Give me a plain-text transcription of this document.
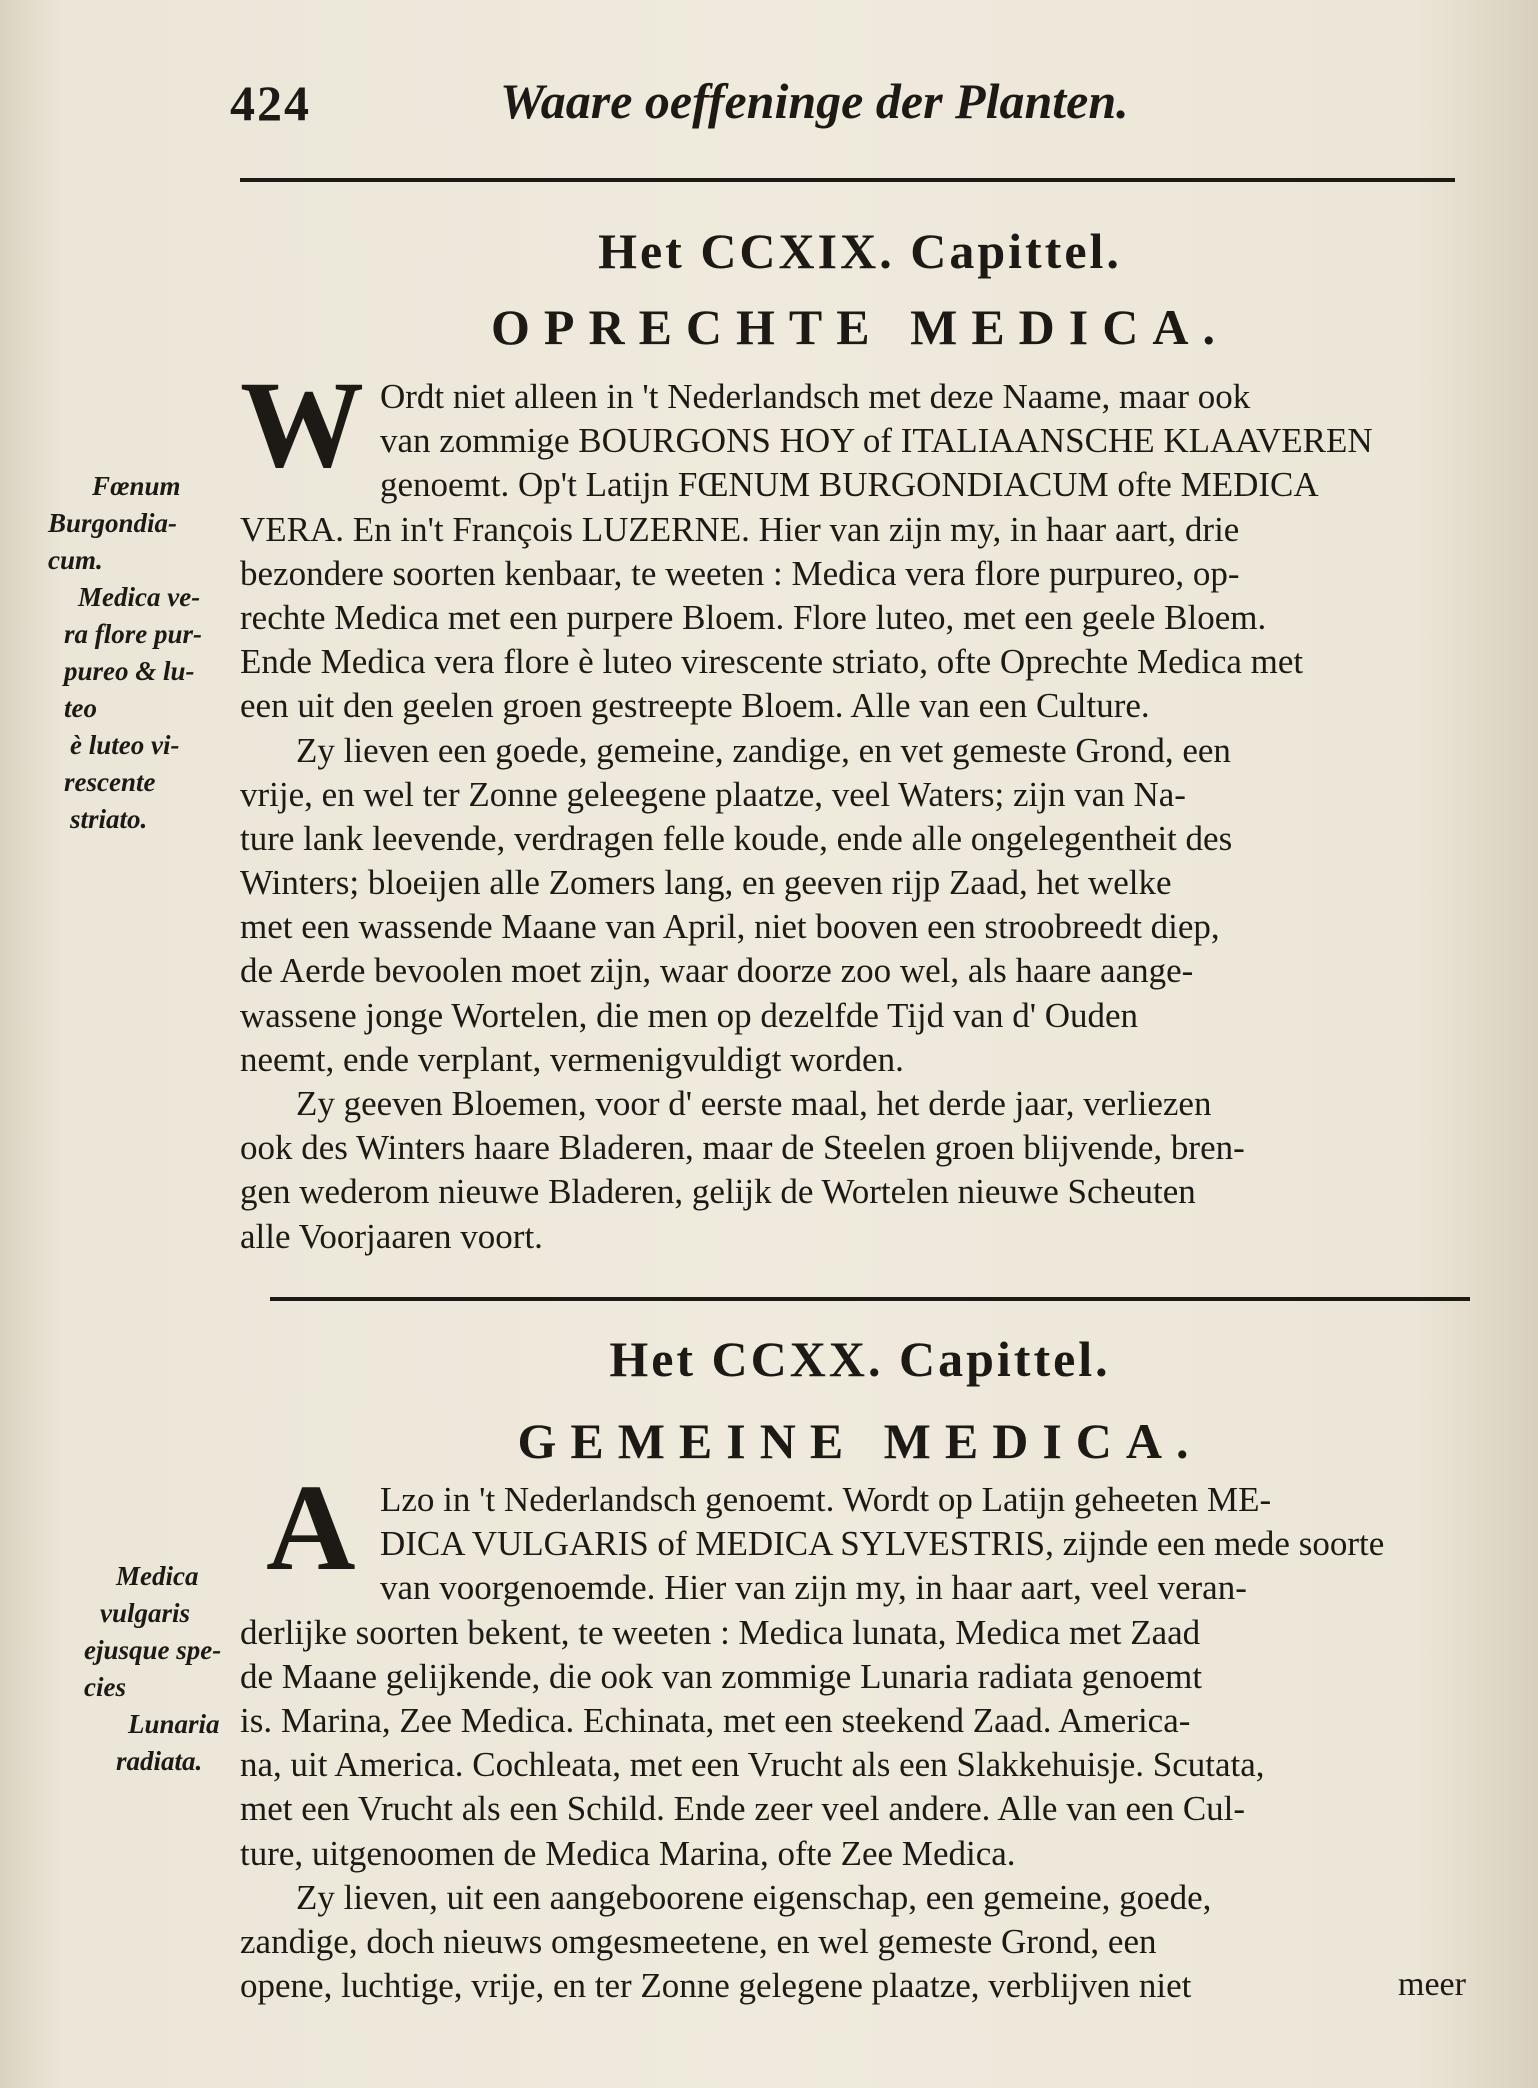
424	Waare oeffeninge der Planten.
Het CCXIX. Capittel.
OPRECHTE MEDICA.
W Ordt niet alleen in 't Nederlandsch met deze Naame, maar ook
van zommige BOURGONS HOY of ITALIAANSCHE KLAAVEREN
genoemt. Op't Latijn FŒNUM BURGONDIACUM ofte MEDICA
VERA. En in't François LUZERNE. Hier van zijn my, in haar aart, drie
bezondere soorten kenbaar, te weeten : Medica vera flore purpureo, op-
rechte Medica met een purpere Bloem. Flore luteo, met een geele Bloem.
Ende Medica vera flore è luteo virescente striato, ofte Oprechte Medica met
een uit den geelen groen gestreepte Bloem. Alle van een Culture.
Zy lieven een goede, gemeine, zandige, en vet gemeste Grond, een
vrije, en wel ter Zonne geleegene plaatze, veel Waters; zijn van Na-
ture lank leevende, verdragen felle koude, ende alle ongelegentheit des
Winters; bloeijen alle Zomers lang, en geeven rijp Zaad, het welke
met een wassende Maane van April, niet booven een stroobreedt diep,
de Aerde bevoolen moet zijn, waar doorze zoo wel, als haare aange-
wassene jonge Wortelen, die men op dezelfde Tijd van d' Ouden
neemt, ende verplant, vermenigvuldigt worden.
Zy geeven Bloemen, voor d' eerste maal, het derde jaar, verliezen
ook des Winters haare Bladeren, maar de Steelen groen blijvende, bren-
gen wederom nieuwe Bladeren, gelijk de Wortelen nieuwe Scheuten
alle Voorjaaren voort.
Fœnum
Burgondia-
cum.
Medica ve-
ra flore pur-
pureo & lu-
teo
è luteo vi-
rescente
striato.
Het CCXX. Capittel.
GEMEINE MEDICA.
A Lzo in 't Nederlandsch genoemt. Wordt op Latijn geheeten ME-
DICA VULGARIS of MEDICA SYLVESTRIS, zijnde een mede soorte
van voorgenoemde. Hier van zijn my, in haar aart, veel veran-
derlijke soorten bekent, te weeten : Medica lunata, Medica met Zaad
de Maane gelijkende, die ook van zommige Lunaria radiata genoemt
is. Marina, Zee Medica. Echinata, met een steekend Zaad. America-
na, uit America. Cochleata, met een Vrucht als een Slakkehuisje. Scutata,
met een Vrucht als een Schild. Ende zeer veel andere. Alle van een Cul-
ture, uitgenoomen de Medica Marina, ofte Zee Medica.
Zy lieven, uit een aangeboorene eigenschap, een gemeine, goede,
zandige, doch nieuws omgesmeetene, en wel gemeste Grond, een
opene, luchtige, vrije, en ter Zonne gelegene plaatze, verblijven niet	meer
Medica
vulgaris
ejusque spe-
cies
Lunaria
radiata.
